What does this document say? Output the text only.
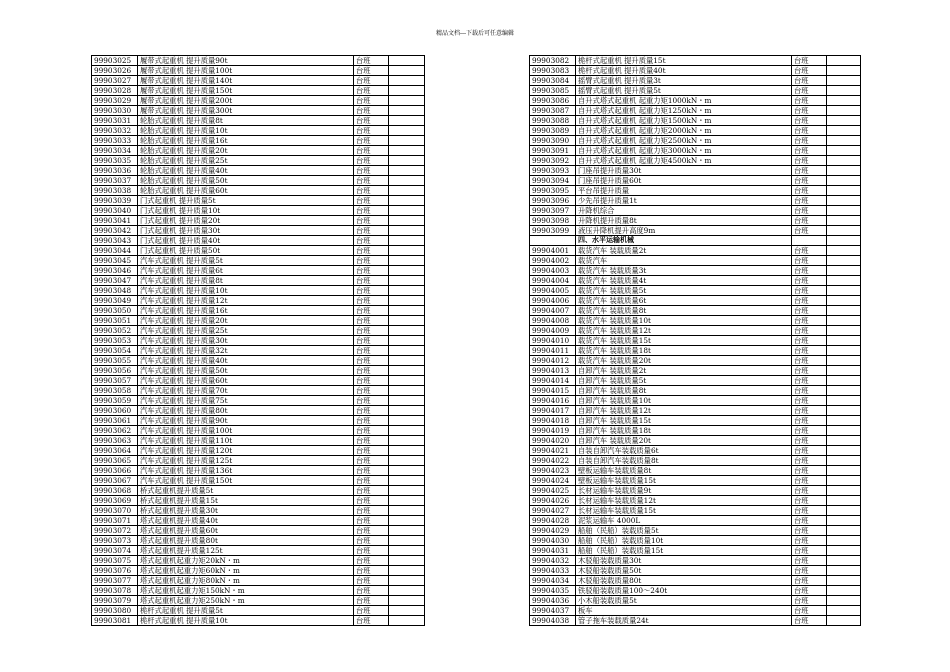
精品文档---下载后可任意编辑
99903025	履带式起重机 提升质量90t	台班	
99903026	履带式起重机 提升质量100t	台班	
99903027	履带式起重机 提升质量140t	台班	
99903028	履带式起重机 提升质量150t	台班	
99903029	履带式起重机 提升质量200t	台班	
99903030	履带式起重机 提升质量300t	台班	
99903031	轮胎式起重机 提升质量8t	台班	
99903032	轮胎式起重机 提升质量10t	台班	
99903033	轮胎式起重机 提升质量16t	台班	
99903034	轮胎式起重机 提升质量20t	台班	
99903035	轮胎式起重机 提升质量25t	台班	
99903036	轮胎式起重机 提升质量40t	台班	
99903037	轮胎式起重机 提升质量50t	台班	
99903038	轮胎式起重机 提升质量60t	台班	
99903039	门式起重机 提升质量5t	台班	
99903040	门式起重机 提升质量10t	台班	
99903041	门式起重机 提升质量20t	台班	
99903042	门式起重机 提升质量30t	台班	
99903043	门式起重机 提升质量40t	台班	
99903044	门式起重机 提升质量50t	台班	
99903045	汽车式起重机 提升质量5t	台班	
99903046	汽车式起重机 提升质量6t	台班	
99903047	汽车式起重机 提升质量8t	台班	
99903048	汽车式起重机 提升质量10t	台班	
99903049	汽车式起重机 提升质量12t	台班	
99903050	汽车式起重机 提升质量16t	台班	
99903051	汽车式起重机 提升质量20t	台班	
99903052	汽车式起重机 提升质量25t	台班	
99903053	汽车式起重机 提升质量30t	台班	
99903054	汽车式起重机 提升质量32t	台班	
99903055	汽车式起重机 提升质量40t	台班	
99903056	汽车式起重机 提升质量50t	台班	
99903057	汽车式起重机 提升质量60t	台班	
99903058	汽车式起重机 提升质量70t	台班	
99903059	汽车式起重机 提升质量75t	台班	
99903060	汽车式起重机 提升质量80t	台班	
99903061	汽车式起重机 提升质量90t	台班	
99903062	汽车式起重机 提升质量100t	台班	
99903063	汽车式起重机 提升质量110t	台班	
99903064	汽车式起重机 提升质量120t	台班	
99903065	汽车式起重机 提升质量125t	台班	
99903066	汽车式起重机 提升质量136t	台班	
99903067	汽车式起重机 提升质量150t	台班	
99903068	桥式起重机提升质量5t	台班	
99903069	桥式起重机提升质量15t	台班	
99903070	桥式起重机提升质量30t	台班	
99903071	塔式起重机提升质量40t	台班	
99903072	塔式起重机提升质量60t	台班	
99903073	塔式起重机提升质量80t	台班	
99903074	塔式起重机提升质量125t	台班	
99903075	塔式起重机起重力矩20kN・m	台班	
99903076	塔式起重机起重力矩60kN・m	台班	
99903077	塔式起重机起重力矩80kN・m	台班	
99903078	塔式起重机起重力矩150kN・m	台班	
99903079	塔式起重机起重力矩250kN・m	台班	
99903080	桅杆式起重机 提升质量5t	台班	
99903081	桅杆式起重机 提升质量10t	台班	
99903082	桅杆式起重机 提升质量15t	台班	
99903083	桅杆式起重机 提升质量40t	台班	
99903084	摇臂式起重机 提升质量3t	台班	
99903085	摇臂式起重机 提升质量5t	台班	
99903086	自升式塔式起重机 起重力矩1000kN・m	台班	
99903087	自升式塔式起重机 起重力矩1250kN・m	台班	
99903088	自升式塔式起重机 起重力矩1500kN・m	台班	
99903089	自升式塔式起重机 起重力矩2000kN・m	台班	
99903090	自升式塔式起重机 起重力矩2500kN・m	台班	
99903091	自升式塔式起重机 起重力矩3000kN・m	台班	
99903092	自升式塔式起重机 起重力矩4500kN・m	台班	
99903093	门座吊提升质量30t	台班	
99903094	门座吊提升质量60t	台班	
99903095	平台吊提升质量	台班	
99903096	少先吊提升质量1t	台班	
99903097	升降机综合	台班	
99903098	升降机提升质量8t	台班	
99903099	液压升降机提升高度9m	台班	
	四、水平运输机械		
99904001	载货汽车 装载质量2t	台班	
99904002	载货汽车	台班	
99904003	载货汽车 装载质量3t	台班	
99904004	载货汽车 装载质量4t	台班	
99904005	载货汽车 装载质量5t	台班	
99904006	载货汽车 装载质量6t	台班	
99904007	载货汽车 装载质量8t	台班	
99904008	载货汽车 装载质量10t	台班	
99904009	载货汽车 装载质量12t	台班	
99904010	载货汽车 装载质量15t	台班	
99904011	载货汽车 装载质量18t	台班	
99904012	载货汽车 装载质量20t	台班	
99904013	自卸汽车 装载质量2t	台班	
99904014	自卸汽车 装载质量5t	台班	
99904015	自卸汽车 装载质量8t	台班	
99904016	自卸汽车 装载质量10t	台班	
99904017	自卸汽车 装载质量12t	台班	
99904018	自卸汽车 装载质量15t	台班	
99904019	自卸汽车 装载质量18t	台班	
99904020	自卸汽车 装载质量20t	台班	
99904021	自装自卸汽车装载质量6t	台班	
99904022	自装自卸汽车装载质量8t	台班	
99904023	壁板运输车装载质量8t	台班	
99904024	壁板运输车装载质量15t	台班	
99904025	长材运输车装载质量9t	台班	
99904026	长材运输车装载质量12t	台班	
99904027	长材运输车装载质量15t	台班	
99904028	泥浆运输车 4000L	台班	
99904029	船舶（民船）装载质量5t	台班	
99904030	船舶（民船）装载质量10t	台班	
99904031	船舶（民船）装载质量15t	台班	
99904032	木驳船装载质量30t	台班	
99904033	木驳船装载质量50t	台班	
99904034	木驳船装载质量80t	台班	
99904035	铁驳船装载质量100～240t	台班	
99904036	小木船装载质量5t	台班	
99904037	板车	台班	
99904038	管子拖车装载质量24t	台班	
